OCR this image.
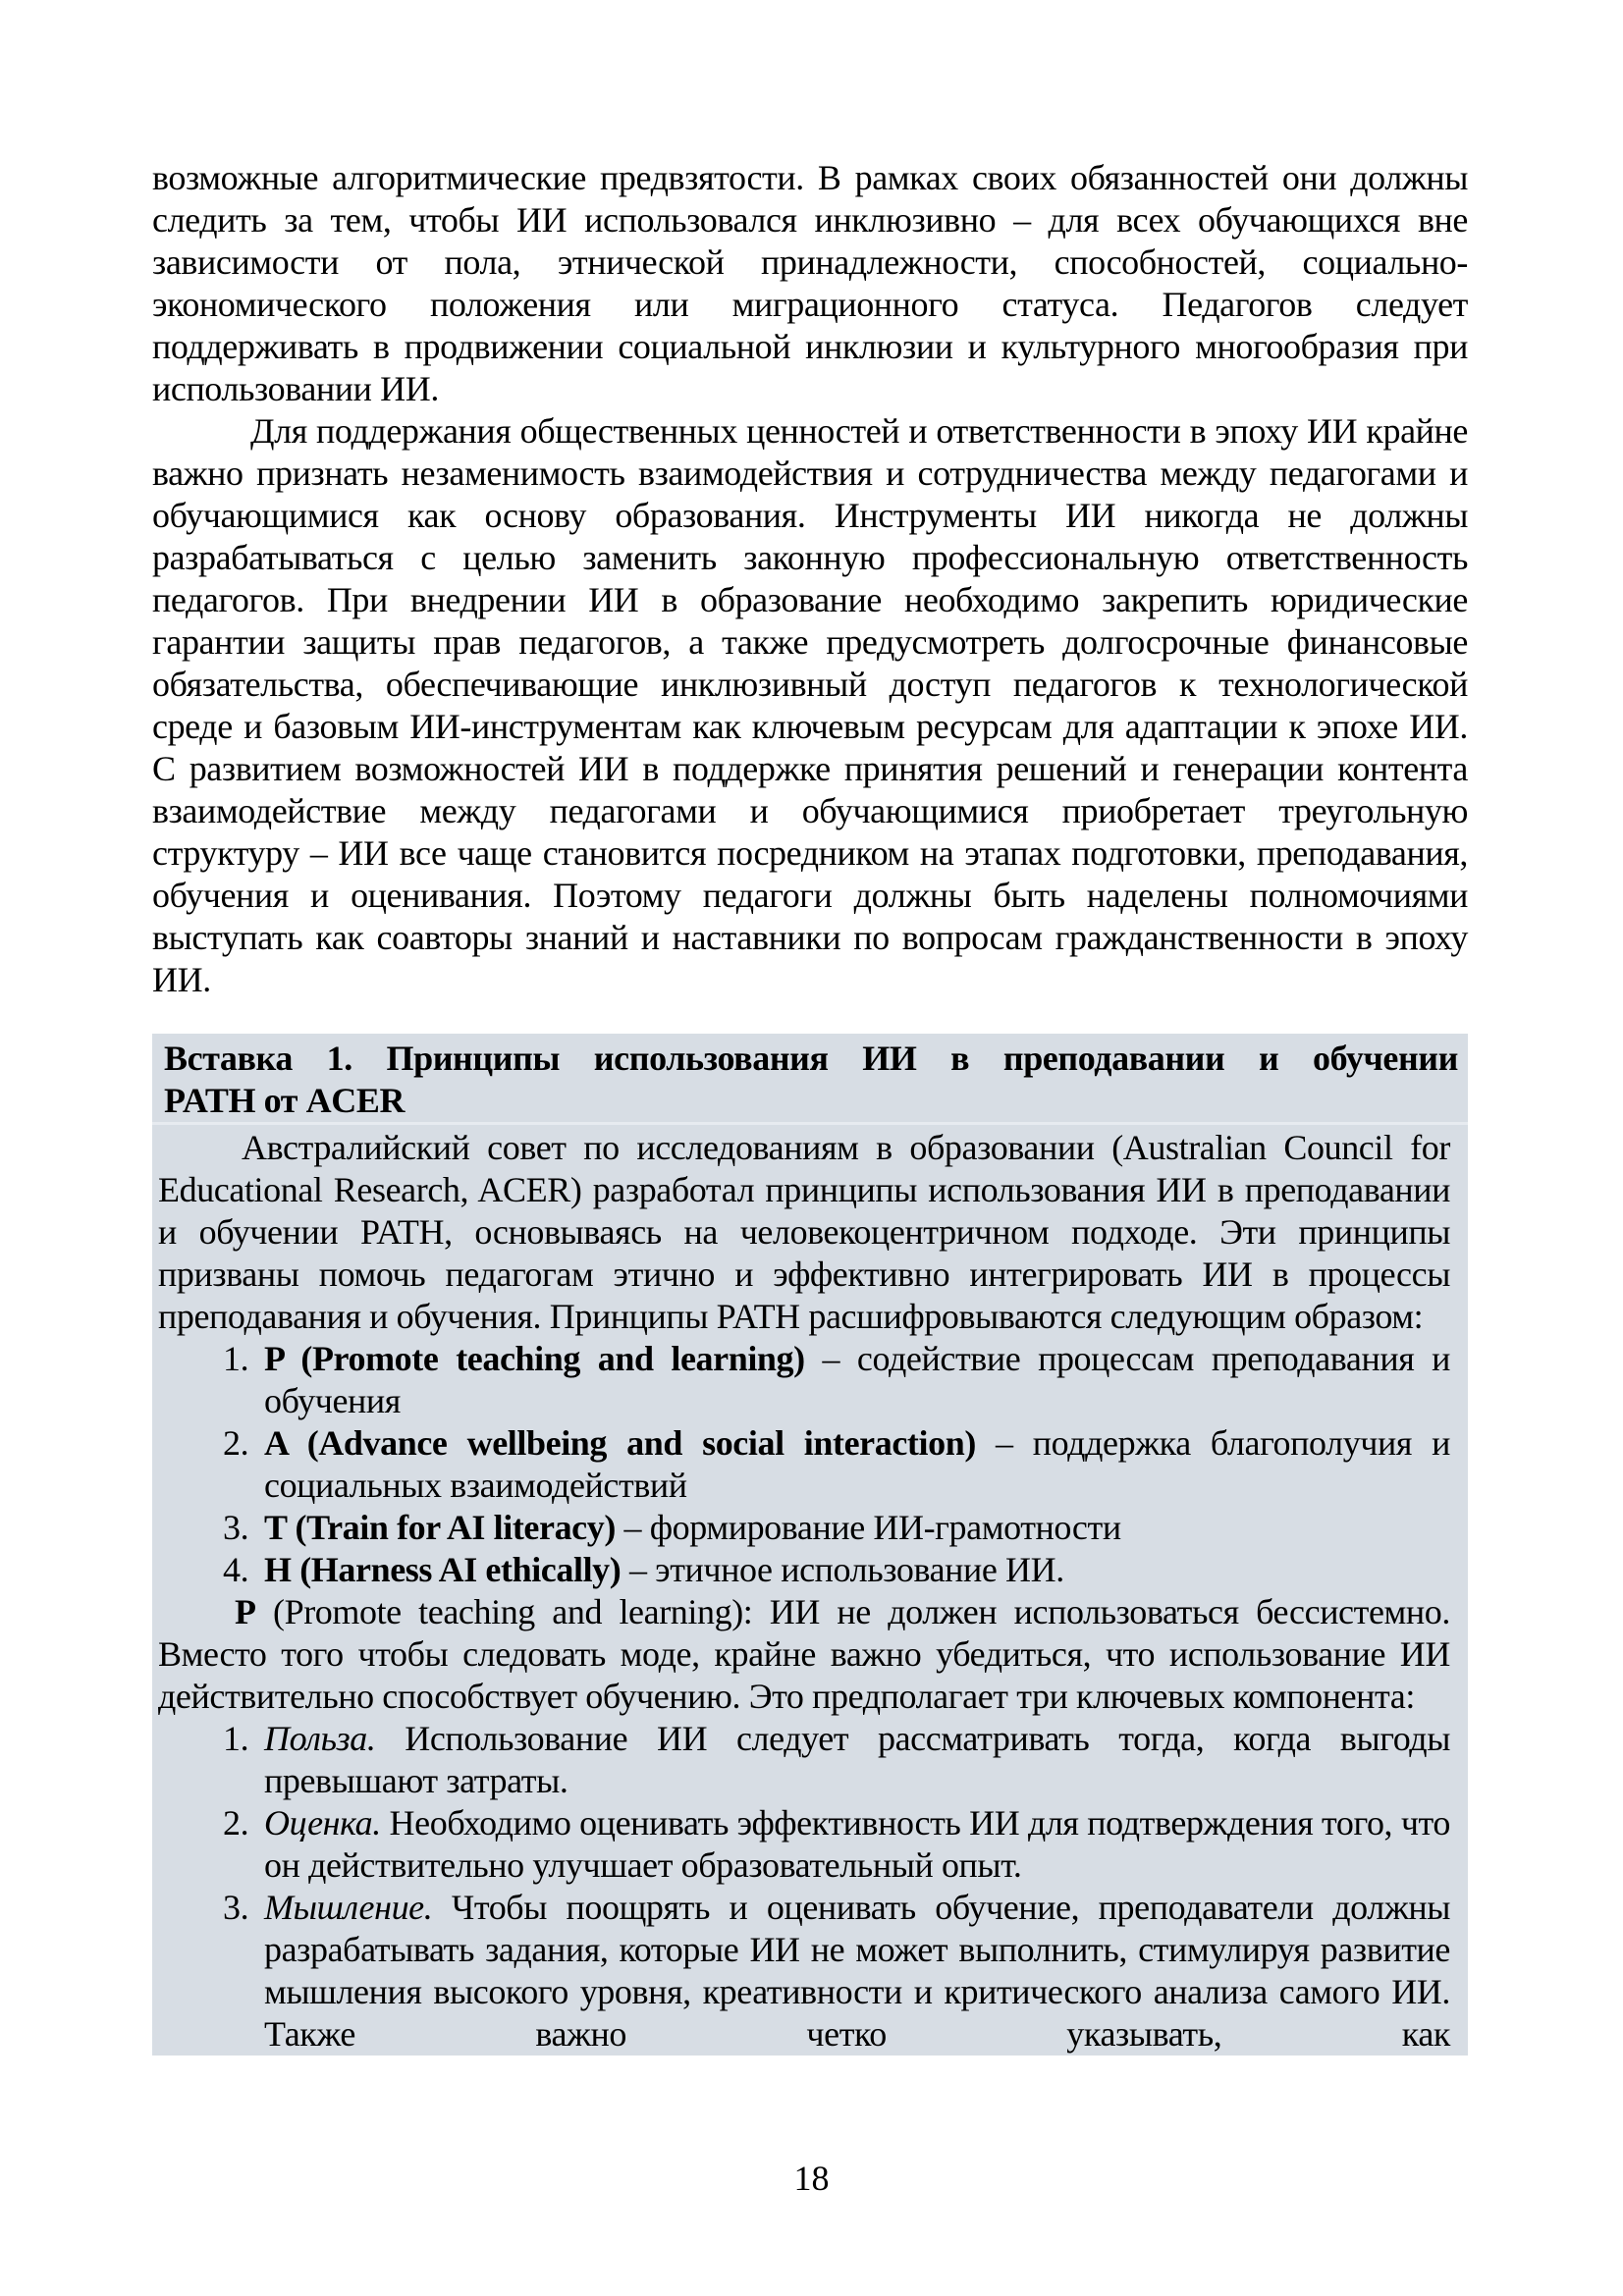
возможные алгоритмические предвзятости. В рамках своих обязанностей они должны следить за тем, чтобы ИИ использовался инклюзивно – для всех обучающихся вне зависимости от пола, этнической принадлежности, способностей, социально-экономического положения или миграционного статуса. Педагогов следует поддерживать в продвижении социальной инклюзии и культурного многообразия при использовании ИИ.

Для поддержания общественных ценностей и ответственности в эпоху ИИ крайне важно признать незаменимость взаимодействия и сотрудничества между педагогами и обучающимися как основу образования. Инструменты ИИ никогда не должны разрабатываться с целью заменить законную профессиональную ответственность педагогов. При внедрении ИИ в образование необходимо закрепить юридические гарантии защиты прав педагогов, а также предусмотреть долгосрочные финансовые обязательства, обеспечивающие инклюзивный доступ педагогов к технологической среде и базовым ИИ-инструментам как ключевым ресурсам для адаптации к эпохе ИИ. С развитием возможностей ИИ в поддержке принятия решений и генерации контента взаимодействие между педагогами и обучающимися приобретает треугольную структуру – ИИ все чаще становится посредником на этапах подготовки, преподавания, обучения и оценивания. Поэтому педагоги должны быть наделены полномочиями выступать как соавторы знаний и наставники по вопросам гражданственности в эпоху ИИ.

Вставка 1. Принципы использования ИИ в преподавании и обучении
PATH от ACER

Австралийский совет по исследованиям в образовании (Australian Council for Educational Research, ACER) разработал принципы использования ИИ в преподавании и обучении PATH, основываясь на человекоцентричном подходе. Эти принципы призваны помочь педагогам этично и эффективно интегрировать ИИ в процессы преподавания и обучения. Принципы PATH расшифровываются следующим образом:

1. P (Promote teaching and learning) – содействие процессам преподавания и обучения
2. A (Advance wellbeing and social interaction) – поддержка благополучия и социальных взаимодействий
3. T (Train for AI literacy) – формирование ИИ-грамотности
4. H (Harness AI ethically) – этичное использование ИИ.

P (Promote teaching and learning): ИИ не должен использоваться бессистемно. Вместо того чтобы следовать моде, крайне важно убедиться, что использование ИИ действительно способствует обучению. Это предполагает три ключевых компонента:

1. Польза. Использование ИИ следует рассматривать тогда, когда выгоды превышают затраты.
2. Оценка. Необходимо оценивать эффективность ИИ для подтверждения того, что он действительно улучшает образовательный опыт.
3. Мышление. Чтобы поощрять и оценивать обучение, преподаватели должны разрабатывать задания, которые ИИ не может выполнить, стимулируя развитие мышления высокого уровня, креативности и критического анализа самого ИИ. Также важно четко указывать, как
18
